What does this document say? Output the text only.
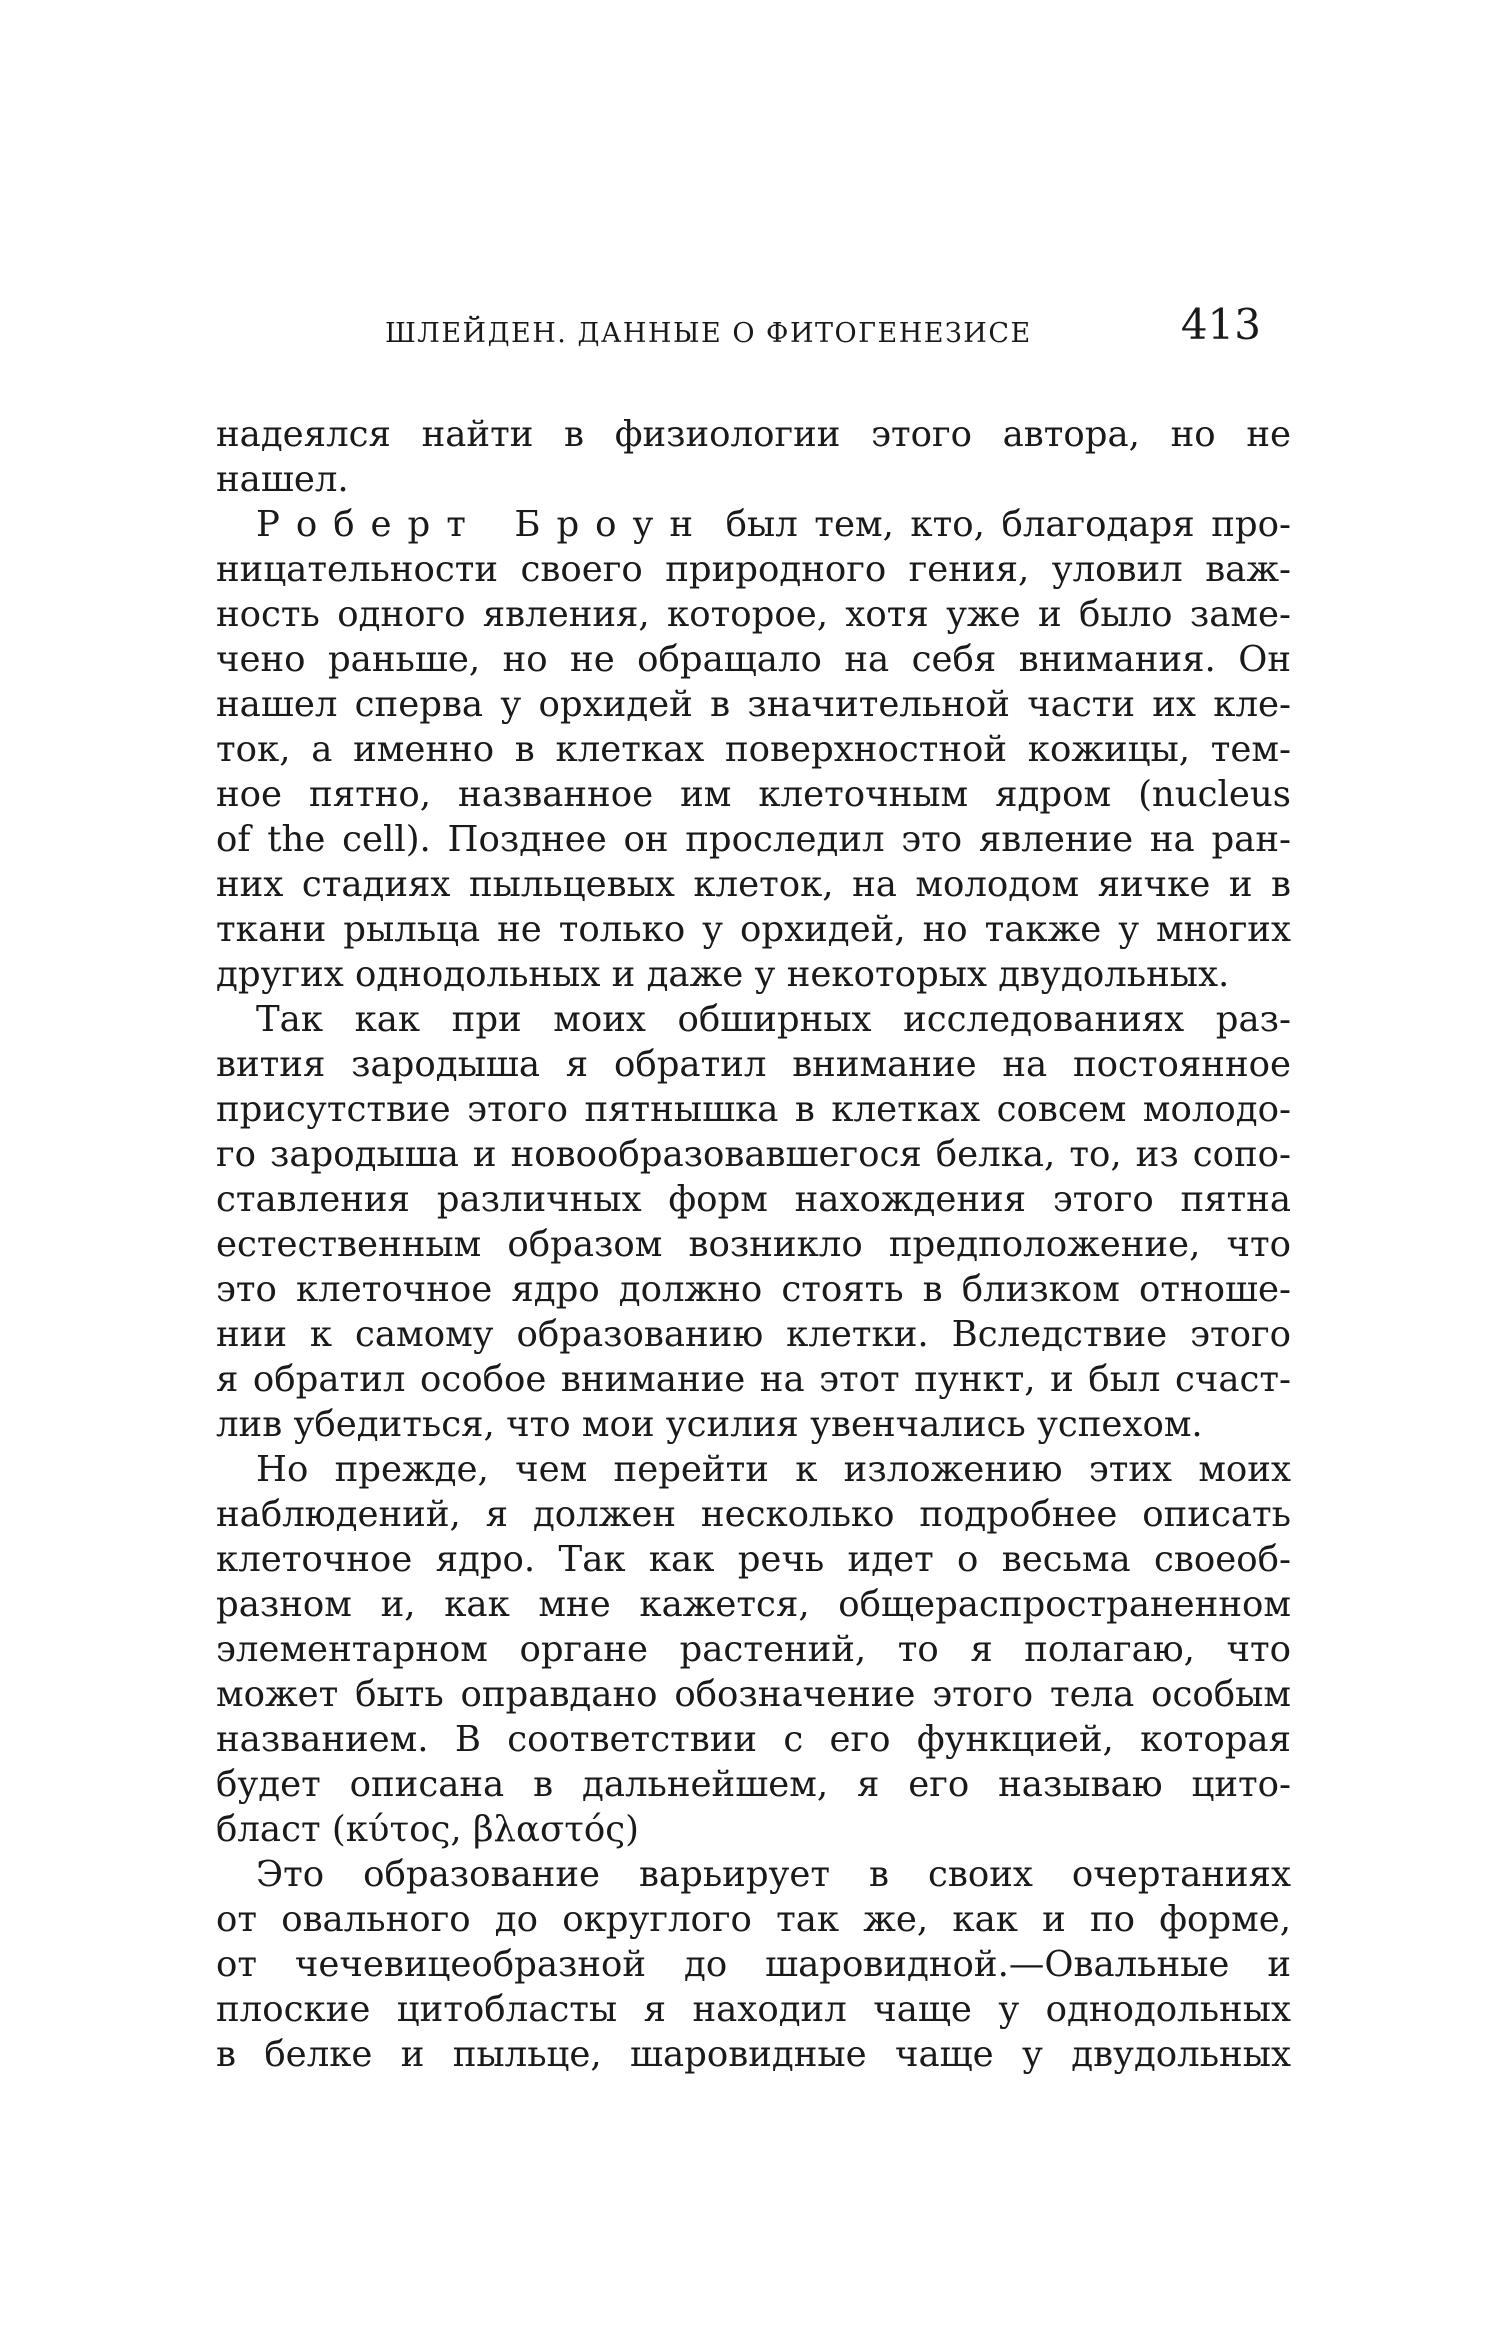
ШЛЕЙДЕН. ДАННЫЕ О ФИТОГЕНЕЗИСЕ	413
надеялся найти в физиологии этого автора, но не
нашел.
Роберт Броун был тем, кто, благодаря про-
ницательности своего природного гения, уловил важ-
ность одного явления, которое, хотя уже и было заме-
чено раньше, но не обращало на себя внимания. Он
нашел сперва у орхидей в значительной части их кле-
ток, а именно в клетках поверхностной кожицы, тем-
ное пятно, названное им клеточным ядром (nucleus
of the cell). Позднее он проследил это явление на ран-
них стадиях пыльцевых клеток, на молодом яичке и в
ткани рыльца не только у орхидей, но также у многих
других однодольных и даже у некоторых двудольных.
Так как при моих обширных исследованиях раз-
вития зародыша я обратил внимание на постоянное
присутствие этого пятнышка в клетках совсем молодо-
го зародыша и новообразовавшегося белка, то, из сопо-
ставления различных форм нахождения этого пятна
естественным образом возникло предположение, что
это клеточное ядро должно стоять в близком отноше-
нии к самому образованию клетки. Вследствие этого
я обратил особое внимание на этот пункт, и был счаст-
лив убедиться, что мои усилия увенчались успехом.
Но прежде, чем перейти к изложению этих моих
наблюдений, я должен несколько подробнее описать
клеточное ядро. Так как речь идет о весьма своеоб-
разном и, как мне кажется, общераспространенном
элементарном органе растений, то я полагаю, что
может быть оправдано обозначение этого тела особым
названием. В соответствии с его функцией, которая
будет описана в дальнейшем, я его называю цито-
бласт (κύτος, βλαστός)
Это образование варьирует в своих очертаниях
от овального до округлого так же, как и по форме,
от чечевицеобразной до шаровидной.—Овальные и
плоские цитобласты я находил чаще у однодольных
в белке и пыльце, шаровидные чаще у двудольных
